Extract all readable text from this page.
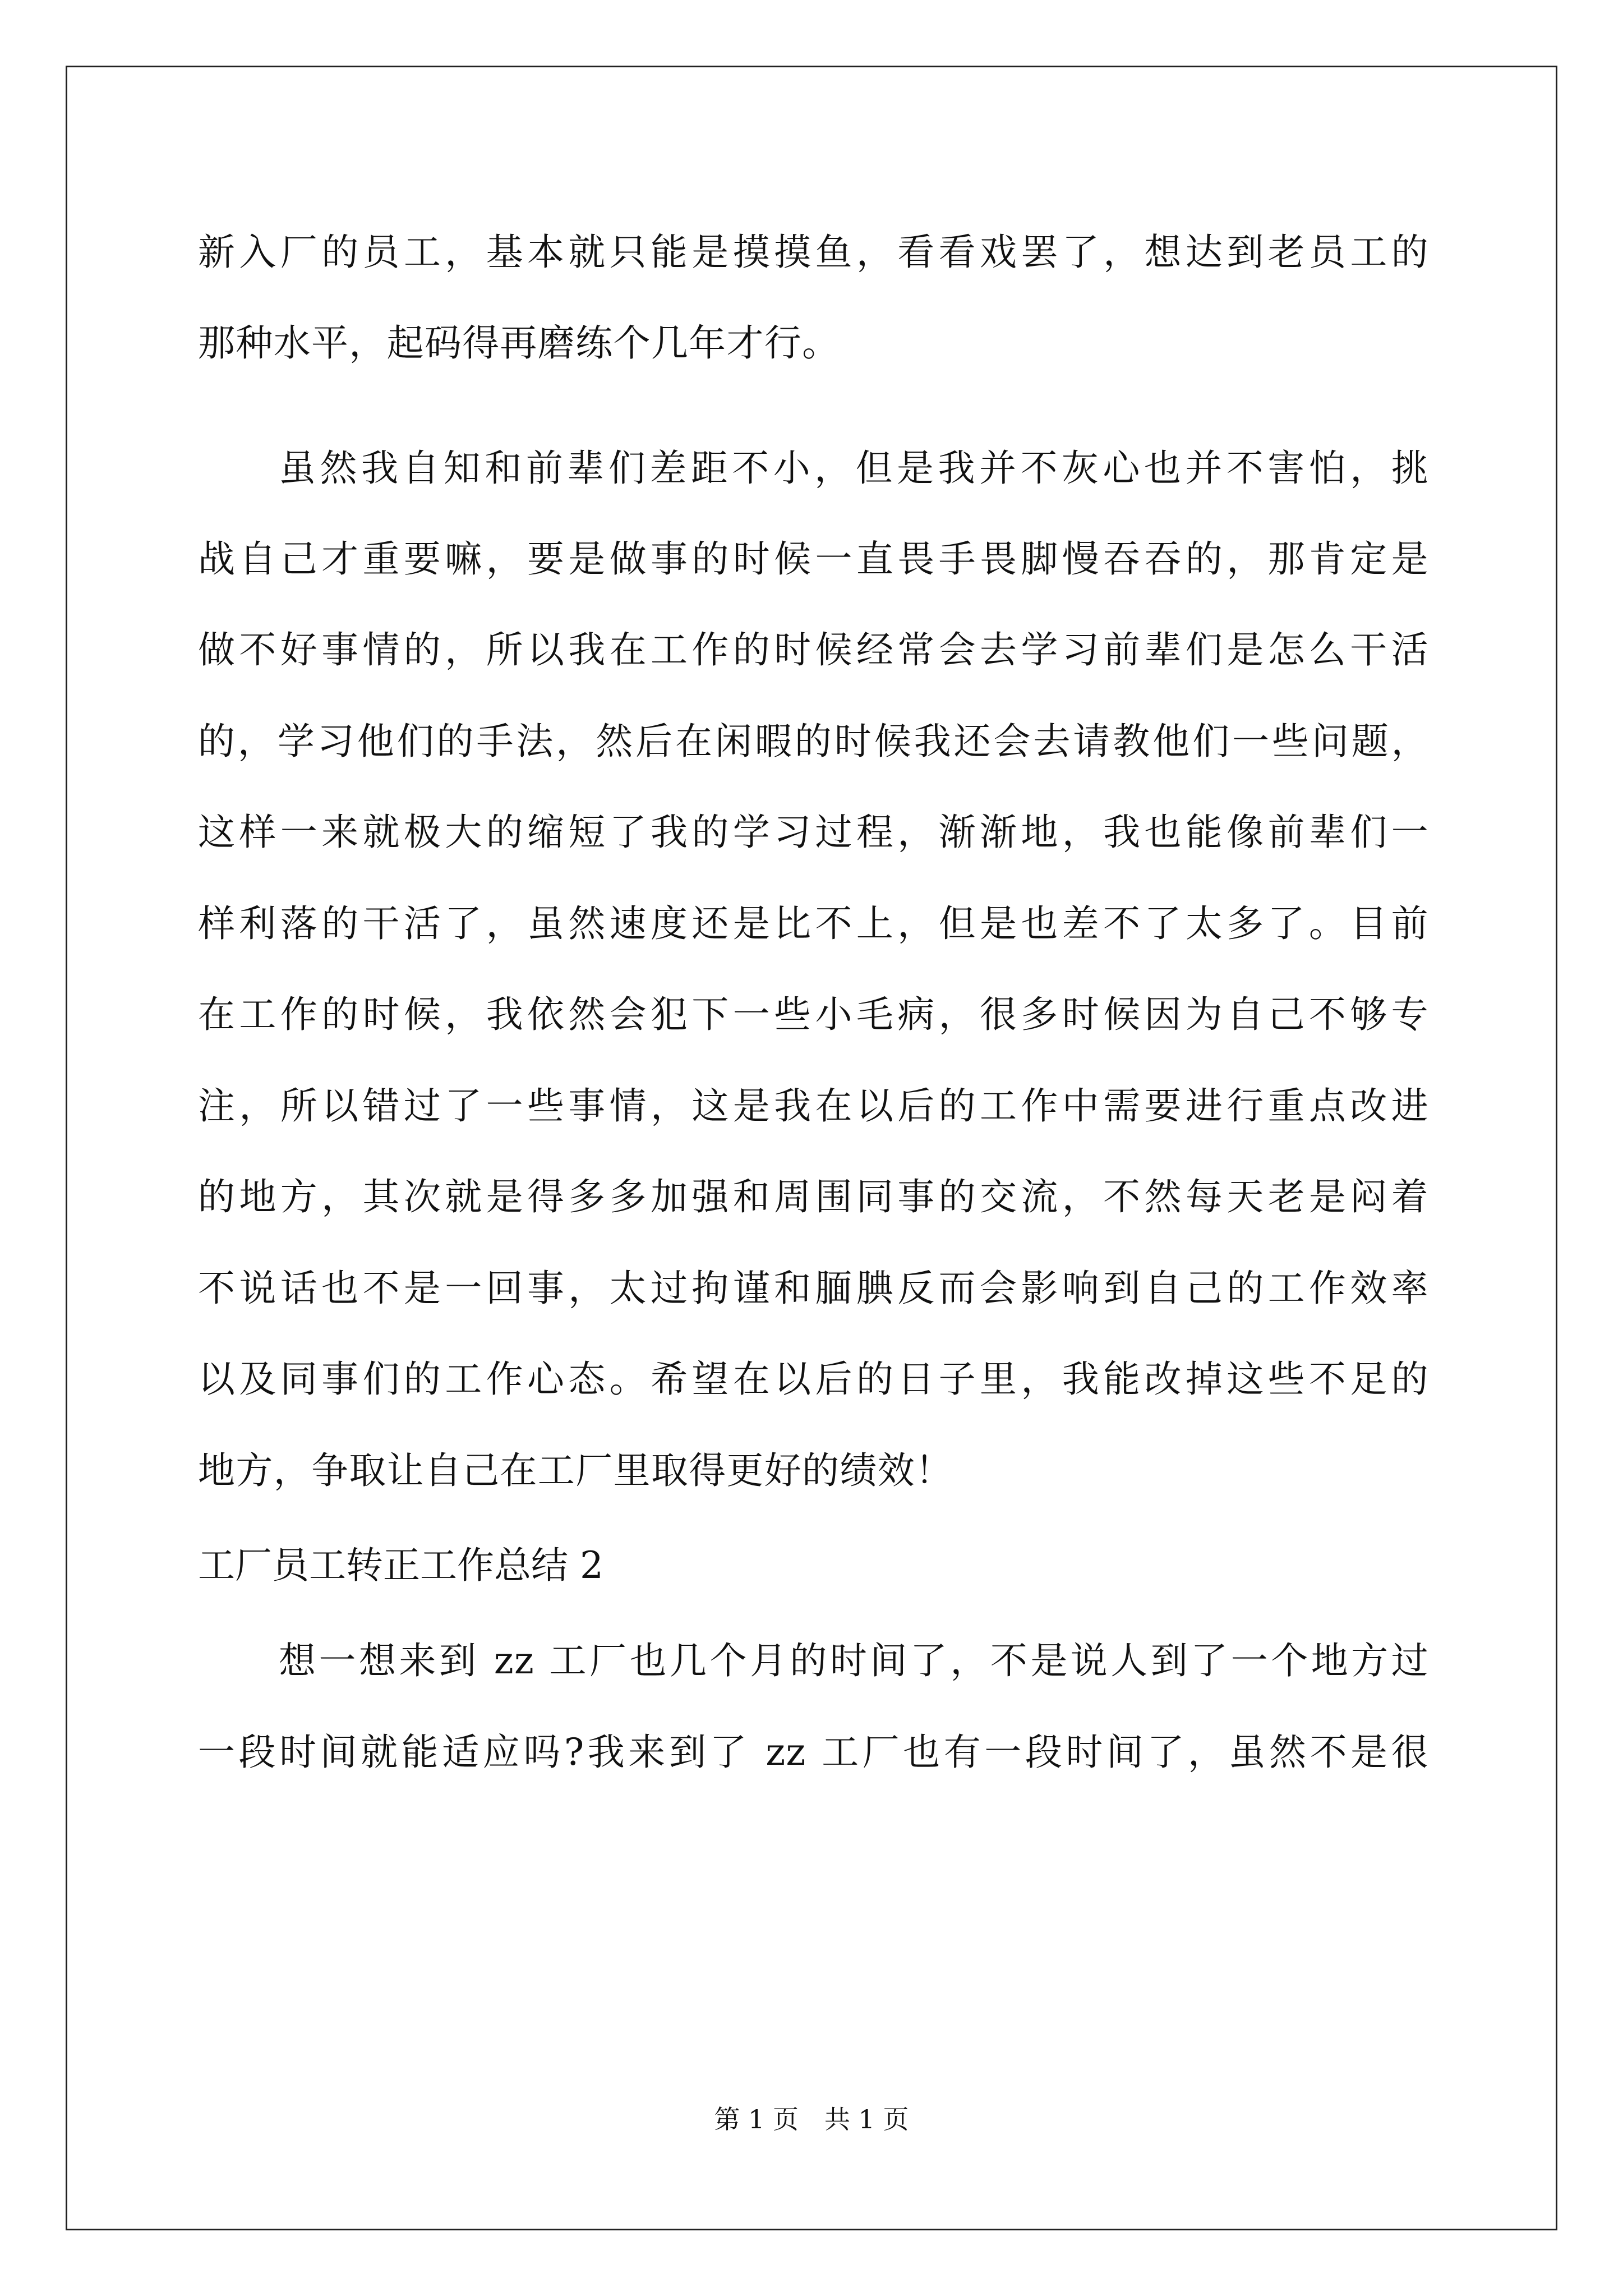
新入厂的员工，基本就只能是摸摸鱼，看看戏罢了，想达到老员工的
那种水平，起码得再磨练个几年才行。
虽然我自知和前辈们差距不小，但是我并不灰心也并不害怕，挑
战自己才重要嘛，要是做事的时候一直畏手畏脚慢吞吞的，那肯定是
做不好事情的，所以我在工作的时候经常会去学习前辈们是怎么干活
的，学习他们的手法，然后在闲暇的时候我还会去请教他们一些问题，
这样一来就极大的缩短了我的学习过程，渐渐地，我也能像前辈们一
样利落的干活了，虽然速度还是比不上，但是也差不了太多了。目前
在工作的时候，我依然会犯下一些小毛病，很多时候因为自己不够专
注，所以错过了一些事情，这是我在以后的工作中需要进行重点改进
的地方，其次就是得多多加强和周围同事的交流，不然每天老是闷着
不说话也不是一回事，太过拘谨和腼腆反而会影响到自己的工作效率
以及同事们的工作心态。希望在以后的日子里，我能改掉这些不足的
地方，争取让自己在工厂里取得更好的绩效！
工厂员工转正工作总结 2
想一想来到 zz 工厂也几个月的时间了，不是说人到了一个地方过
一段时间就能适应吗?我来到了 zz 工厂也有一段时间了，虽然不是很
第 1 页　共 1 页
